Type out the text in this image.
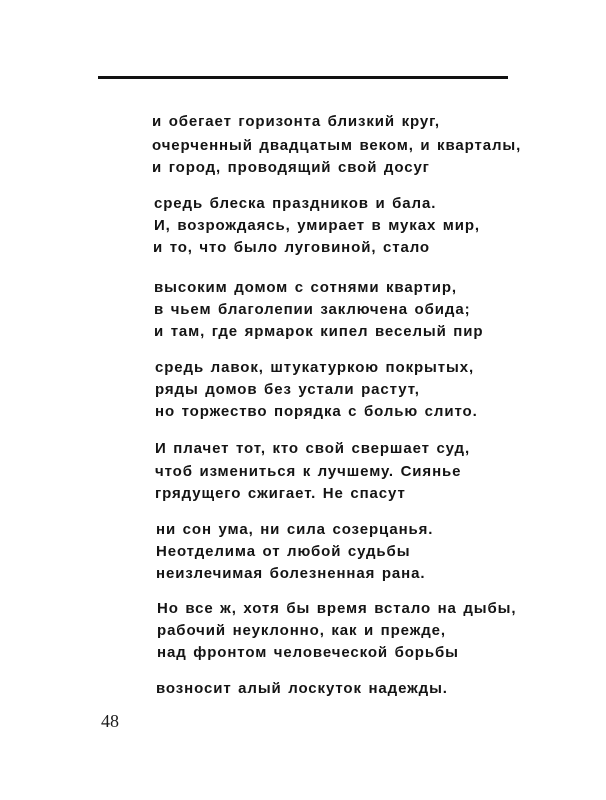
и обегает горизонта близкий круг,
очерченный двадцатым веком, и кварталы,
и город, проводящий свой досуг
средь блеска праздников и бала.
И, возрождаясь, умирает в муках мир,
и то, что было луговиной, стало
высоким домом с сотнями квартир,
в чьем благолепии заключена обида;
и там, где ярмарок кипел веселый пир
средь лавок, штукатуркою покрытых,
ряды домов без устали растут,
но торжество порядка с болью слито.
И плачет тот, кто свой свершает суд,
чтоб измениться к лучшему. Сиянье
грядущего сжигает. Не спасут
ни сон ума, ни сила созерцанья.
Неотделима от любой судьбы
неизлечимая болезненная рана.
Но все ж, хотя бы время встало на дыбы,
рабочий неуклонно, как и прежде,
над фронтом человеческой борьбы
возносит алый лоскуток надежды.
48
